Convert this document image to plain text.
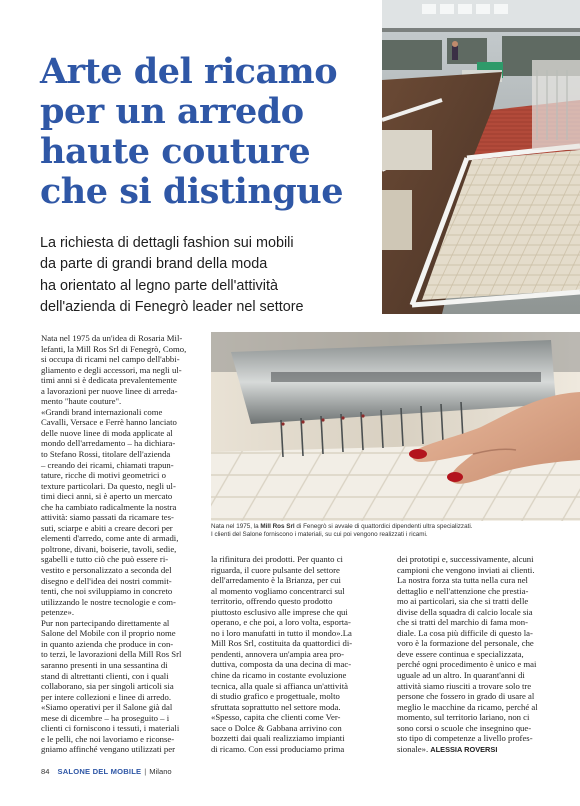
Arte del ricamo
per un arredo
haute couture
che si distingue
La richiesta di dettagli fashion sui mobili
da parte di grandi brand della moda
ha orientato al legno parte dell'attività
dell'azienda di Fenegrò leader nel settore
Nata nel 1975, la Mill Ros Srl di Fenegrò si avvale di quattordici dipendenti ultra specializzati.
I clienti del Salone forniscono i materiali, su cui poi vengono realizzati i ricami.
Nata nel 1975 da un'idea di Rosaria Mil-
lefanti, la Mill Ros Srl di Fenegrò, Como,
si occupa di ricami nel campo dell'abbi-
gliamento e degli accessori, ma negli ul-
timi anni si è dedicata prevalentemente
a lavorazioni per nuove linee di arreda-
mento "haute couture".
«Grandi brand internazionali come
Cavalli, Versace e Ferrè hanno lanciato
delle nuove linee di moda applicate al
mondo dell'arredamento – ha dichiara-
to Stefano Rossi, titolare dell'azienda
– creando dei ricami, chiamati trapun-
tature, ricche di motivi geometrici o
texture particolari. Da questo, negli ul-
timi dieci anni, si è aperto un mercato
che ha cambiato radicalmente la nostra
attività: siamo passati da ricamare tes-
suti, sciarpe e abiti a creare decori per
elementi d'arredo, come ante di armadi,
poltrone, divani, boiserie, tavoli, sedie,
sgabelli e tutto ciò che può essere ri-
vestito e personalizzato a seconda del
disegno e dell'idea dei nostri commit-
tenti, che noi sviluppiamo in concreto
utilizzando le nostre tecnologie e com-
petenze».
Pur non partecipando direttamente al
Salone del Mobile con il proprio nome
in quanto azienda che produce in con-
to terzi, le lavorazioni della Mill Ros Srl
saranno presenti in una sessantina di
stand di altrettanti clienti, con i quali
collaborano, sia per singoli articoli sia
per intere collezioni e linee di arredo.
«Siamo operativi per il Salone già dal
mese di dicembre – ha proseguito – i
clienti ci forniscono i tessuti, i materiali
e le pelli, che noi lavoriamo e riconse-
gniamo affinché vengano utilizzati per
la rifinitura dei prodotti. Per quanto ci
riguarda, il cuore pulsante del settore
dell'arredamento è la Brianza, per cui
al momento vogliamo concentrarci sul
territorio, offrendo questo prodotto
piuttosto esclusivo alle imprese che qui
operano, e che poi, a loro volta, esporta-
no i loro manufatti in tutto il mondo».La
Mill Ros Srl, costituita da quattordici di-
pendenti, annovera un'ampia area pro-
duttiva, composta da una decina di mac-
chine da ricamo in costante evoluzione
tecnica, alla quale si affianca un'attività
di studio grafico e progettuale, molto
sfruttata soprattutto nel settore moda.
«Spesso, capita che clienti come Ver-
sace o Dolce & Gabbana arrivino con
bozzetti dai quali realizziamo impianti
di ricamo. Con essi produciamo prima
dei prototipi e, successivamente, alcuni
campioni che vengono inviati ai clienti.
La nostra forza sta tutta nella cura nel
dettaglio e nell'attenzione che prestia-
mo ai particolari, sia che si tratti delle
divise della squadra di calcio locale sia
che si tratti del marchio di fama mon-
diale. La cosa più difficile di questo la-
voro è la formazione del personale, che
deve essere continua e specializzata,
perché ogni procedimento è unico e mai
uguale ad un altro. In quarant'anni di
attività siamo riusciti a trovare solo tre
persone che fossero in grado di usare al
meglio le macchine da ricamo, perché al
momento, sul territorio lariano, non ci
sono corsi o scuole che insegnino que-
sto tipo di competenze a livello profes-
sionale». ALESSIA ROVERSI
84 SALONE DEL MOBILE | Milano
